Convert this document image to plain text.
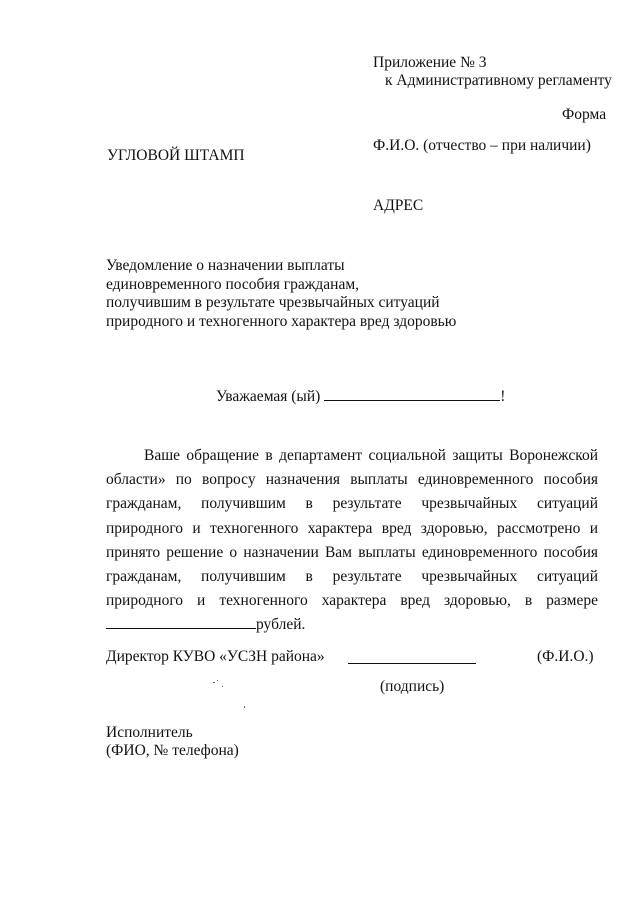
Приложение № 3
к Административному регламенту
Форма
УГЛОВОЙ ШТАМП
Ф.И.О. (отчество – при наличии)
АДРЕС
Уведомление о назначении выплаты
единовременного пособия гражданам,
получившим в результате чрезвычайных ситуаций
природного и техногенного характера вред здоровью
Уважаемая (ый)	!
Ваше обращение в департамент социальной защиты Воронежской области» по вопросу назначения выплаты единовременного пособия гражданам, получившим в результате чрезвычайных ситуаций природного и техногенного характера вред здоровью, рассмотрено и принято решение о назначении Вам выплаты единовременного пособия гражданам, получившим в результате чрезвычайных ситуаций природного и техногенного характера вред здоровью, в размере рублей.
Директор КУВО «УСЗН района»	(Ф.И.О.)
(подпись)
Исполнитель
(ФИО, № телефона)
